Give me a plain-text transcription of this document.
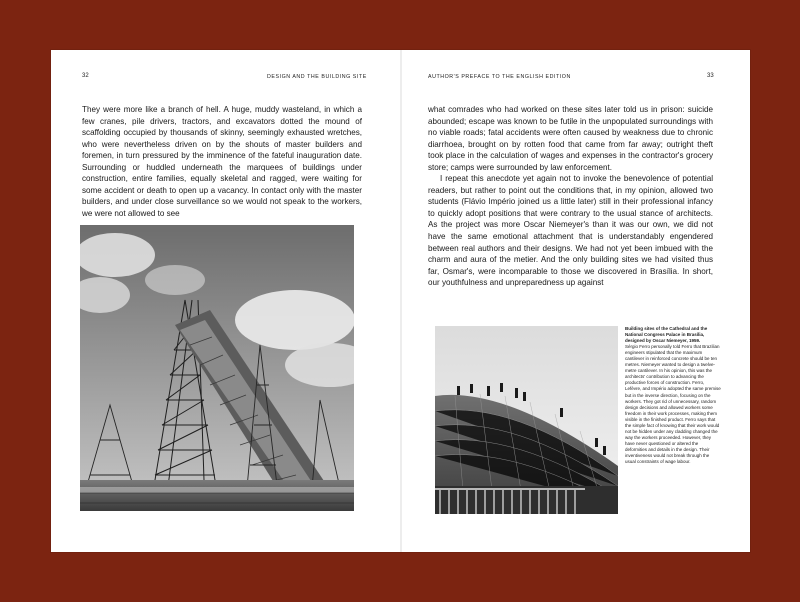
32	DESIGN AND THE BUILDING SITE

They were more like a branch of hell. A huge, muddy wasteland, in which a few cranes, pile drivers, tractors, and excavators dotted the mound of scaffolding occupied by thousands of skinny, seemingly exhausted wretches, who were nevertheless driven on by the shouts of master builders and foremen, in turn pressured by the imminence of the fateful inauguration date. Surrounding or huddled underneath the marquees of buildings under construction, entire families, equally skeletal and ragged, were waiting for some accident or death to open up a vacancy. In contact only with the master builders, and under close surveillance so we would not speak to the workers, we were not allowed to see

AUTHOR'S PREFACE TO THE ENGLISH EDITION	33

what comrades who had worked on these sites later told us in prison: suicide abounded; escape was known to be futile in the unpopulated surroundings with no viable roads; fatal accidents were often caused by weakness due to chronic diarrhoea, brought on by rotten food that came from far away; outright theft took place in the calculation of wages and expenses in the contractor's grocery store; camps were surrounded by law enforcement.

I repeat this anecdote yet again not to invoke the benevolence of potential readers, but rather to point out the conditions that, in my opinion, allowed two students (Flávio Império joined us a little later) still in their professional infancy to quickly adopt positions that were contrary to the usual stance of architects. As the project was more Oscar Niemeyer's than it was our own, we did not have the same emotional attachment that is understandably engendered between real authors and their designs. We had not yet been imbued with the charm and aura of the metier. And the only building sites we had visited thus far, Osmar's, were incomparable to those we discovered in Brasília. In short, our youthfulness and unpreparedness up against

Building sites of the Cathedral and the National Congress Palace in Brasília, designed by Oscar Niemeyer, 1959.
Sérgio Ferro personally told Ferro that Brazilian engineers stipulated that the maximum cantilever in reinforced concrete should be ten metres. Niemeyer wanted to design a twelve-metre cantilever. In his opinion, this was the architects' contribution to advancing the productive forces of construction. Ferro, Lefèvre, and Império adopted the same premise but in the inverse direction, focusing on the workers. They got rid of unnecessary, random design decisions and allowed workers some freedom in their work processes, making them visible in the finished product. Ferro says that the simple fact of knowing that their work would not be hidden under any cladding changed the way the workers proceeded. However, they have never questioned or altered the deformities and details in the design. Their inventiveness would not break through the usual constraints of wage labour.
